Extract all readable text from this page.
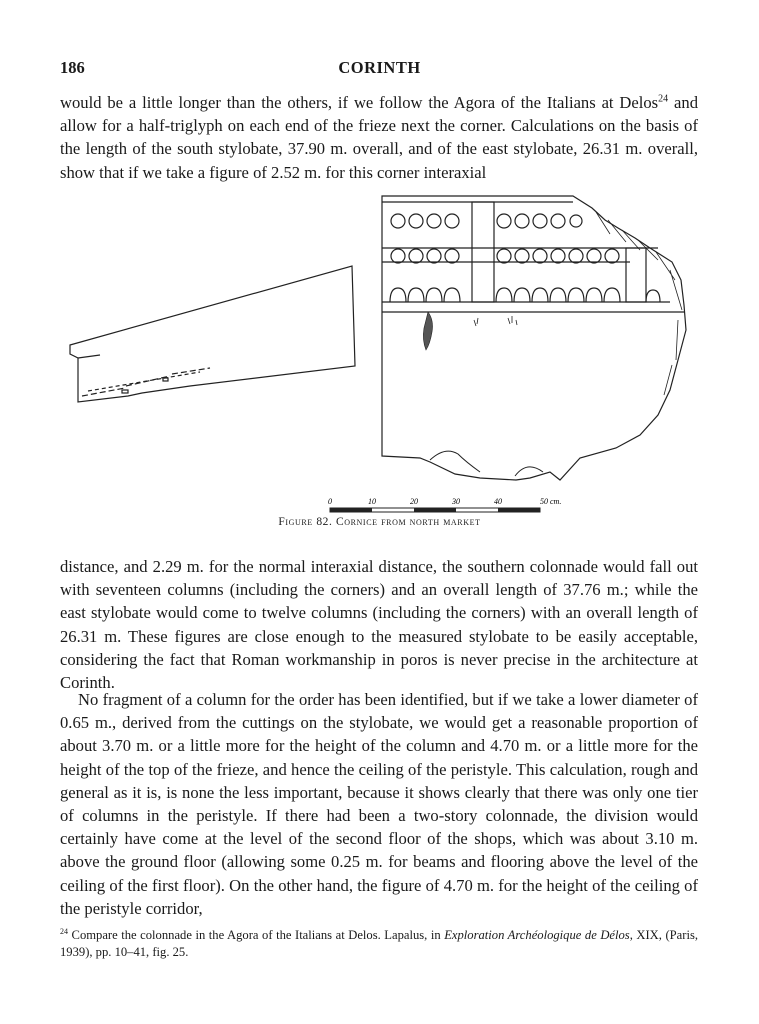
186	CORINTH

would be a little longer than the others, if we follow the Agora of the Italians at Delos$^{24}$ and allow for a half-triglyph on each end of the frieze next the corner. Calculations on the basis of the length of the south stylobate, 37.90 m. overall, and of the east stylobate, 26.31 m. overall, show that if we take a figure of 2.52 m. for this corner interaxial

0	10	20	30	40	50 cm.
Figure 82. Cornice from north market

distance, and 2.29 m. for the normal interaxial distance, the southern colonnade would fall out with seventeen columns (including the corners) and an overall length of 37.76 m.; while the east stylobate would come to twelve columns (including the corners) with an overall length of 26.31 m. These figures are close enough to the measured stylobate to be easily acceptable, considering the fact that Roman workmanship in poros is never precise in the architecture at Corinth.

No fragment of a column for the order has been identified, but if we take a lower diameter of 0.65 m., derived from the cuttings on the stylobate, we would get a reasonable proportion of about 3.70 m. or a little more for the height of the column and 4.70 m. or a little more for the height of the top of the frieze, and hence the ceiling of the peristyle. This calculation, rough and general as it is, is none the less important, because it shows clearly that there was only one tier of columns in the peristyle. If there had been a two-story colonnade, the division would certainly have come at the level of the second floor of the shops, which was about 3.10 m. above the ground floor (allowing some 0.25 m. for beams and flooring above the level of the ceiling of the first floor). On the other hand, the figure of 4.70 m. for the height of the ceiling of the peristyle corridor,

$^{24}$ Compare the colonnade in the Agora of the Italians at Delos. Lapalus, in Exploration Archéologique de Délos, XIX, (Paris, 1939), pp. 10–41, fig. 25.
